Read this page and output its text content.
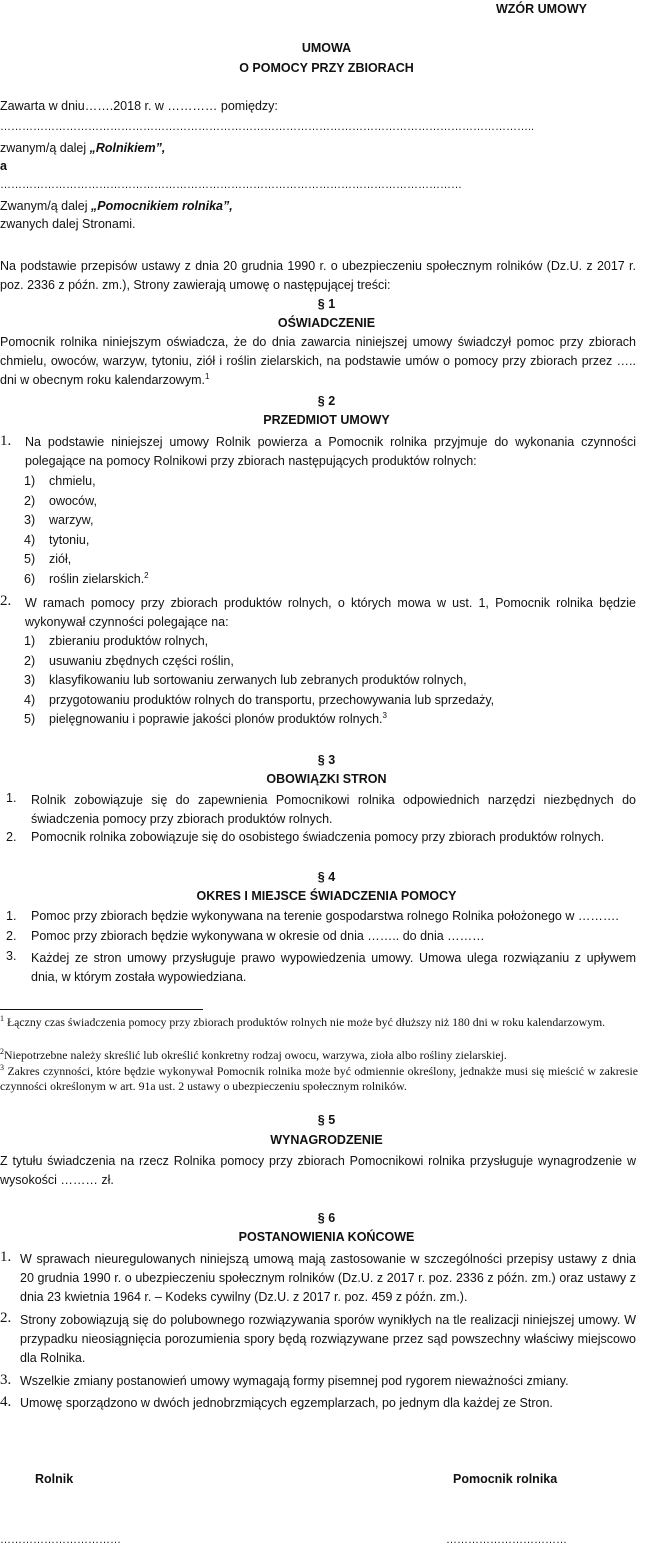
WZÓR UMOWY
UMOWA
O POMOCY PRZY ZBIORACH
Zawarta w dniu…….2018 r. w ………… pomiędzy:
………………………………………………………………………………………………………………………………..
zwanym/ą dalej „Rolnikiem”,
a
………………………………………………………………………………………………………………
Zwanym/ą dalej „Pomocnikiem rolnika”,
zwanych dalej Stronami.
Na podstawie przepisów ustawy z dnia 20 grudnia 1990 r. o ubezpieczeniu społecznym rolników (Dz.U. z 2017 r. poz. 2336 z późn. zm.), Strony zawierają umowę o następującej treści:
§ 1
OŚWIADCZENIE
Pomocnik rolnika niniejszym oświadcza, że do dnia zawarcia niniejszej umowy świadczył pomoc przy zbiorach chmielu, owoców, warzyw, tytoniu, ziół i roślin zielarskich, na podstawie umów o pomocy przy zbiorach przez ….. dni w obecnym roku kalendarzowym.$^1$
§ 2
PRZEDMIOT UMOWY
1. Na podstawie niniejszej umowy Rolnik powierza a Pomocnik rolnika przyjmuje do wykonania czynności polegające na pomocy Rolnikowi przy zbiorach następujących produktów rolnych:
1) chmielu,
2) owoców,
3) warzyw,
4) tytoniu,
5) ziół,
6) roślin zielarskich.$^2$
2. W ramach pomocy przy zbiorach produktów rolnych, o których mowa w ust. 1, Pomocnik rolnika będzie wykonywał czynności polegające na:
1) zbieraniu produktów rolnych,
2) usuwaniu zbędnych części roślin,
3) klasyfikowaniu lub sortowaniu zerwanych lub zebranych produktów rolnych,
4) przygotowaniu produktów rolnych do transportu, przechowywania lub sprzedaży,
5) pielęgnowaniu i poprawie jakości plonów produktów rolnych.$^3$
§ 3
OBOWIĄZKI STRON
1. Rolnik zobowiązuje się do zapewnienia Pomocnikowi rolnika odpowiednich narzędzi niezbędnych do świadczenia pomocy przy zbiorach produktów rolnych.
2. Pomocnik rolnika zobowiązuje się do osobistego świadczenia pomocy przy zbiorach produktów rolnych.
§ 4
OKRES I MIEJSCE ŚWIADCZENIA POMOCY
1. Pomoc przy zbiorach będzie wykonywana na terenie gospodarstwa rolnego Rolnika położonego w ……….
2. Pomoc przy zbiorach będzie wykonywana w okresie od dnia …….. do dnia ………
3. Każdej ze stron umowy przysługuje prawo wypowiedzenia umowy. Umowa ulega rozwiązaniu z upływem dnia, w którym została wypowiedziana.
$^1$ Łączny czas świadczenia pomocy przy zbiorach produktów rolnych nie może być dłuższy niż 180 dni w roku kalendarzowym.
$^2$Niepotrzebne należy skreślić lub określić konkretny rodzaj owocu, warzywa, zioła albo rośliny zielarskiej.
$^3$ Zakres czynności, które będzie wykonywał Pomocnik rolnika może być odmiennie określony, jednakże musi się mieścić w zakresie czynności określonym w art. 91a ust. 2 ustawy o ubezpieczeniu społecznym rolników.
§ 5
WYNAGRODZENIE
Z tytułu świadczenia na rzecz Rolnika pomocy przy zbiorach Pomocnikowi rolnika przysługuje wynagrodzenie w wysokości ……… zł.
§ 6
POSTANOWIENIA KOŃCOWE
1. W sprawach nieuregulowanych niniejszą umową mają zastosowanie w szczególności przepisy ustawy z dnia 20 grudnia 1990 r. o ubezpieczeniu społecznym rolników (Dz.U. z 2017 r. poz. 2336 z późn. zm.) oraz ustawy z dnia 23 kwietnia 1964 r. – Kodeks cywilny (Dz.U. z 2017 r. poz. 459 z późn. zm.).
2. Strony zobowiązują się do polubownego rozwiązywania sporów wynikłych na tle realizacji niniejszej umowy. W przypadku nieosiągnięcia porozumienia spory będą rozwiązywane przez sąd powszechny właściwy miejscowo dla Rolnika.
3. Wszelkie zmiany postanowień umowy wymagają formy pisemnej pod rygorem nieważności zmiany.
4. Umowę sporządzono w dwóch jednobrzmiących egzemplarzach, po jednym dla każdej ze Stron.
Rolnik	Pomocnik rolnika
……………………………	……………………………
